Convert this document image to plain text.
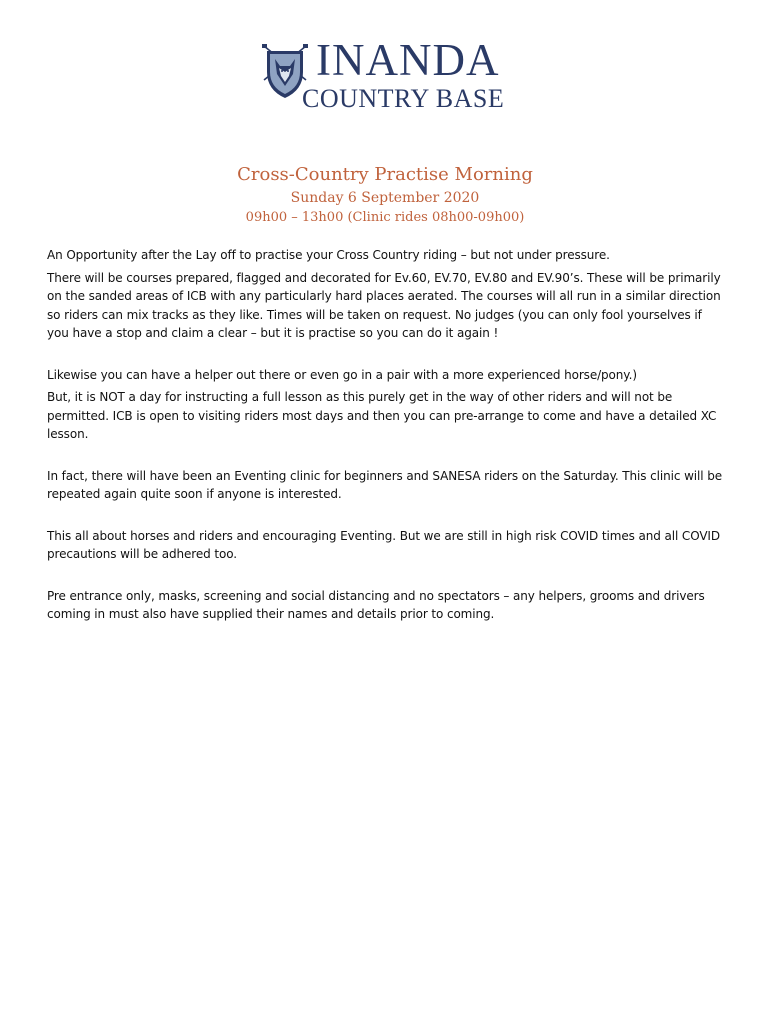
INANDA
COUNTRY BASE
Cross-Country Practise Morning
Sunday 6 September 2020
09h00 – 13h00 (Clinic rides 08h00-09h00)

An Opportunity after the Lay off to practise your Cross Country riding – but not under pressure.

There will be courses prepared, flagged and decorated for Ev.60, EV.70, EV.80 and EV.90’s. These will be primarily on the sanded areas of ICB with any particularly hard places aerated. The courses will all run in a similar direction so riders can mix tracks as they like. Times will be taken on request. No judges (you can only fool yourselves if you have a stop and claim a clear – but it is practise so you can do it again !

Likewise you can have a helper out there or even go in a pair with a more experienced horse/pony.)

But, it is NOT a day for instructing a full lesson as this purely get in the way of other riders and will not be permitted. ICB is open to visiting riders most days and then you can pre-arrange to come and have a detailed XC lesson.

In fact, there will have been an Eventing clinic for beginners and SANESA riders on the Saturday. This clinic will be repeated again quite soon if anyone is interested.

This all about horses and riders and encouraging Eventing. But we are still in high risk COVID times and all COVID precautions will be adhered too.

Pre entrance only, masks, screening and social distancing and no spectators – any helpers, grooms and drivers coming in must also have supplied their names and details prior to coming.
